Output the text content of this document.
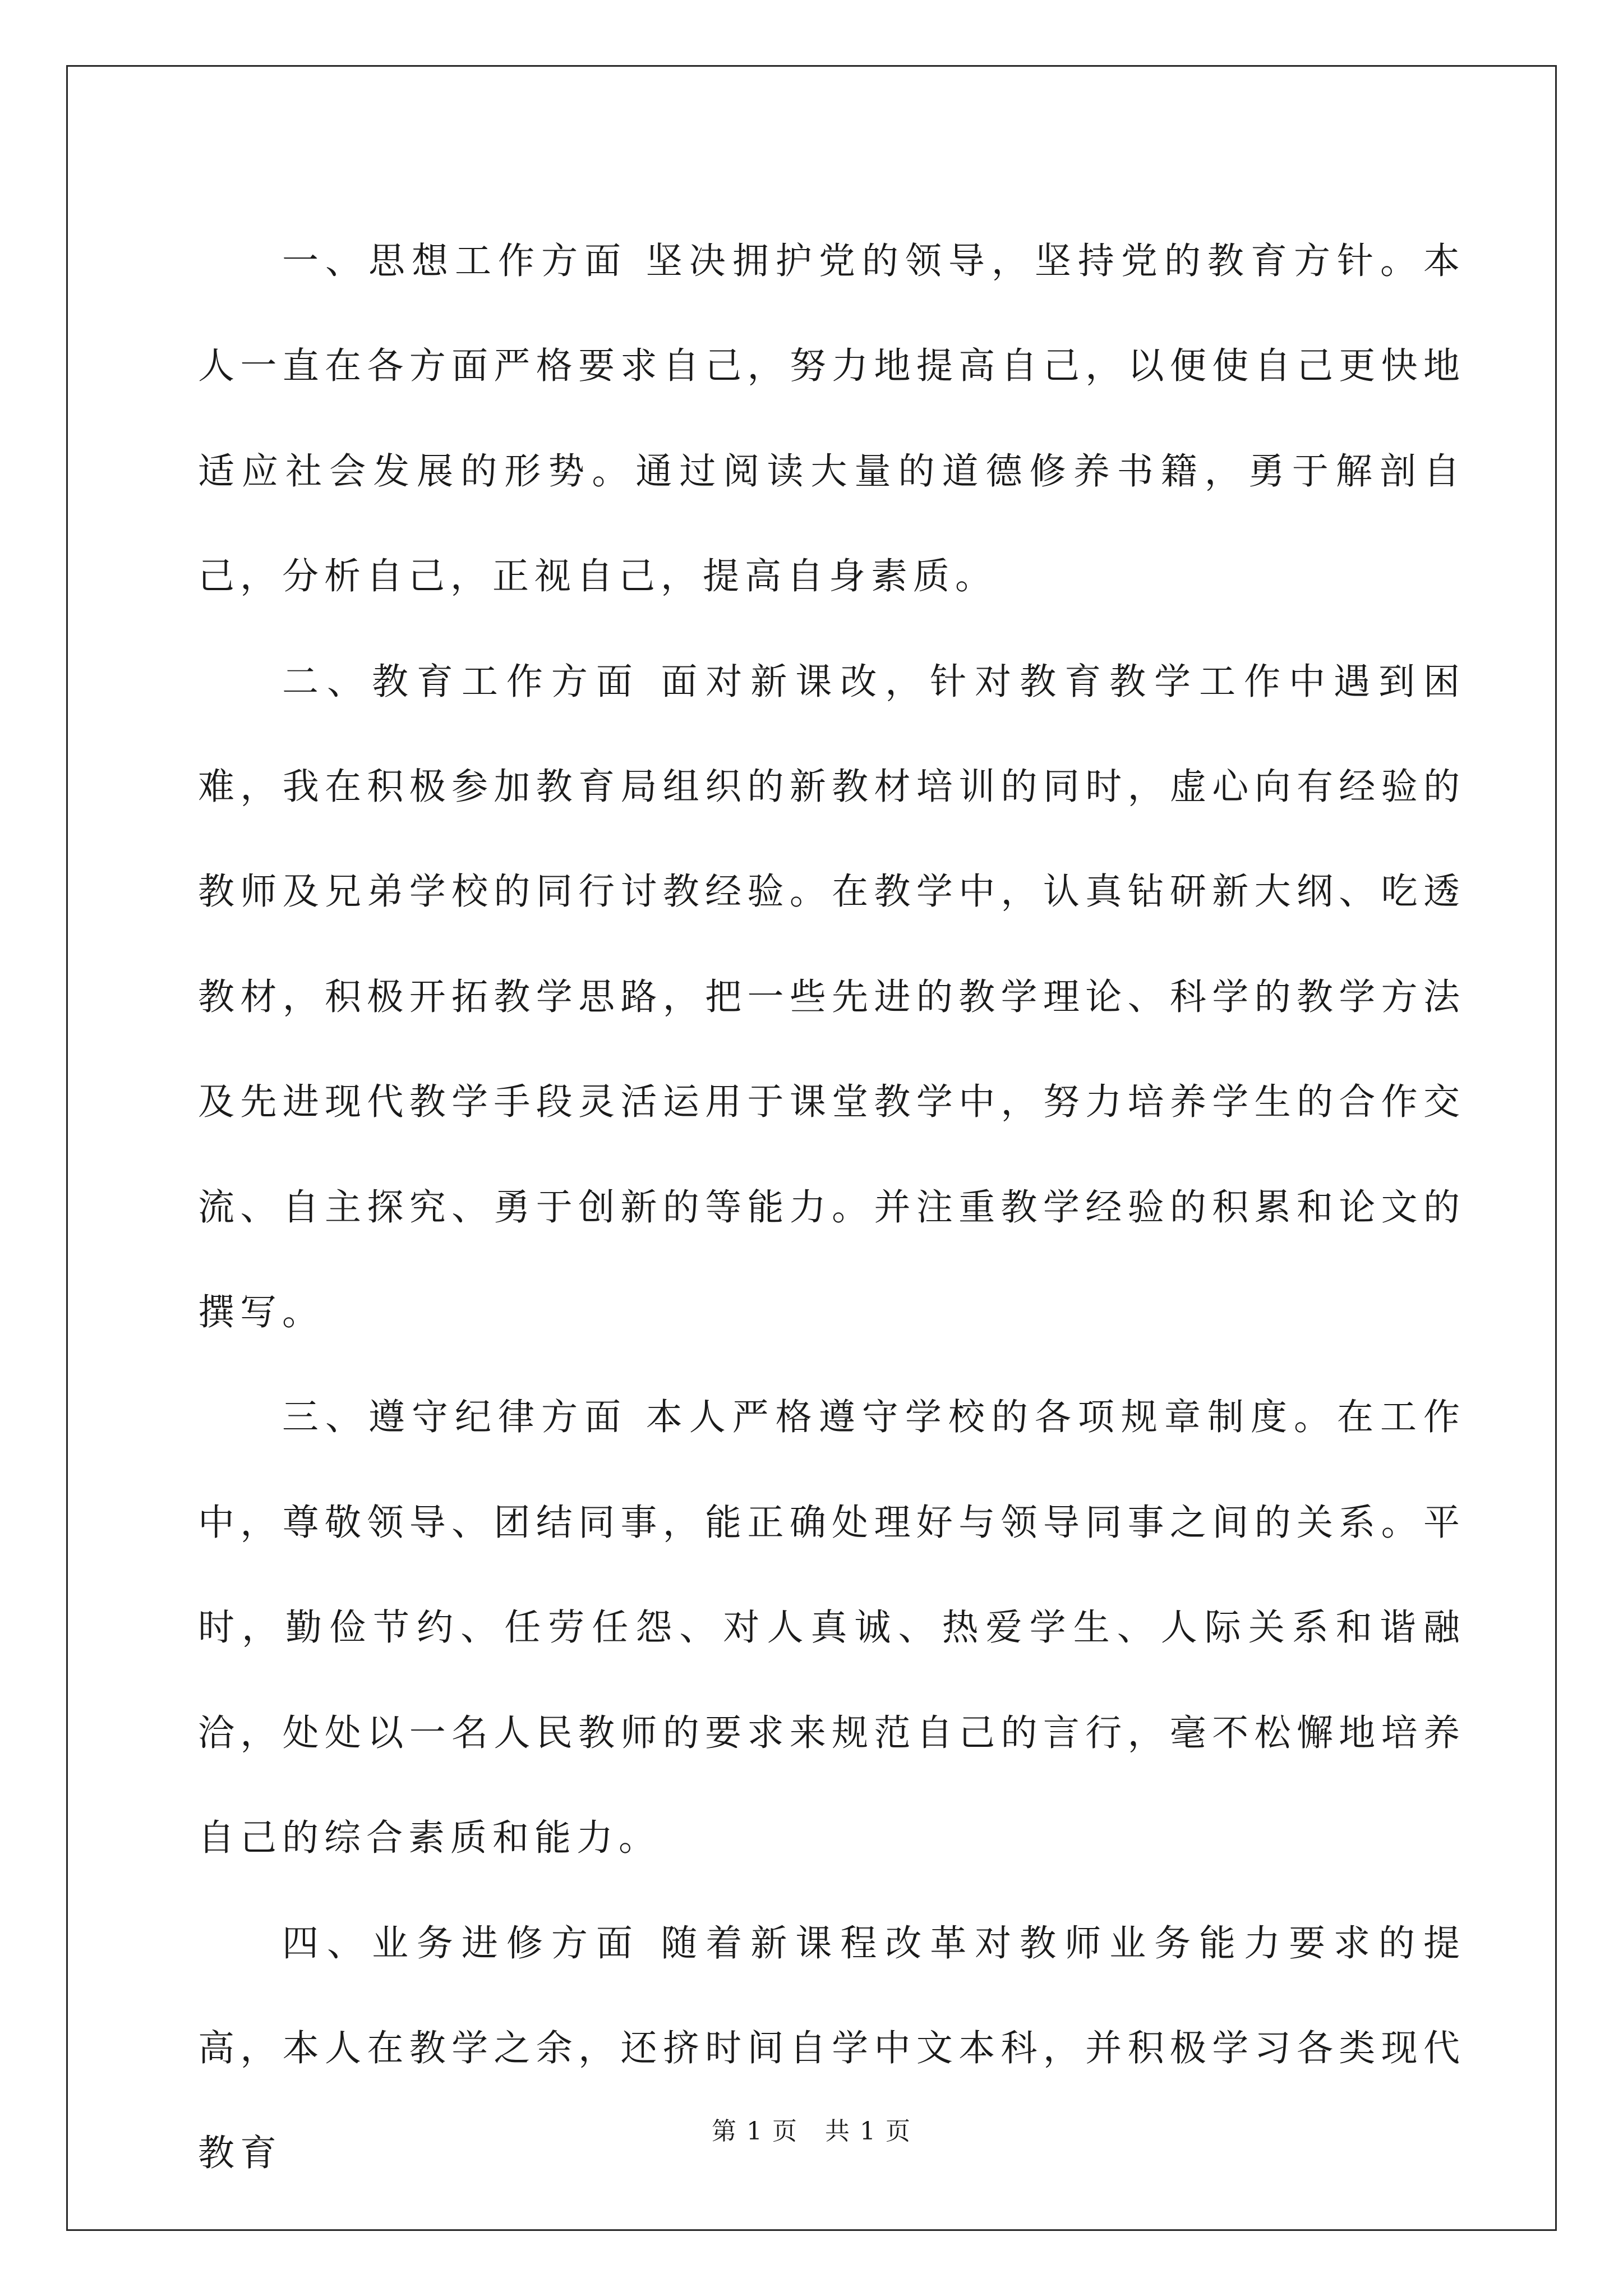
一、思想工作方面 坚决拥护党的领导，坚持党的教育方针。本人一直在各方面严格要求自己，努力地提高自己，以便使自己更快地适应社会发展的形势。通过阅读大量的道德修养书籍，勇于解剖自己，分析自己，正视自己，提高自身素质。

二、教育工作方面 面对新课改，针对教育教学工作中遇到困难，我在积极参加教育局组织的新教材培训的同时，虚心向有经验的教师及兄弟学校的同行讨教经验。在教学中，认真钻研新大纲、吃透教材，积极开拓教学思路，把一些先进的教学理论、科学的教学方法及先进现代教学手段灵活运用于课堂教学中，努力培养学生的合作交流、自主探究、勇于创新的等能力。并注重教学经验的积累和论文的撰写。

三、遵守纪律方面 本人严格遵守学校的各项规章制度。在工作中，尊敬领导、团结同事，能正确处理好与领导同事之间的关系。平时，勤俭节约、任劳任怨、对人真诚、热爱学生、人际关系和谐融洽，处处以一名人民教师的要求来规范自己的言行，毫不松懈地培养自己的综合素质和能力。

四、业务进修方面 随着新课程改革对教师业务能力要求的提高，本人在教学之余，还挤时间自学中文本科，并积极学习各类现代教育

第 1 页   共 1 页
